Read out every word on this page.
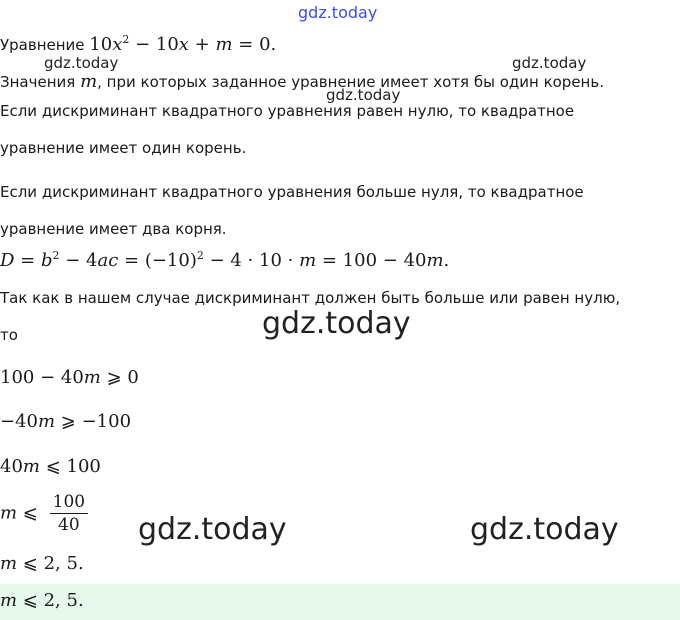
gdz.today
gdz.today	gdz.today
gdz.today
gdz.today
gdz.today	gdz.today
Уравнение $10x^2 - 10x + m = 0$.
Значения m, при которых заданное уравнение имеет хотя бы один корень.
Если дискриминант квадратного уравнения равен нулю, то квадратное
уравнение имеет один корень.
Если дискриминант квадратного уравнения больше нуля, то квадратное
уравнение имеет два корня.
$D = b^2 - 4ac = (-10)^2 - 4 \cdot 10 \cdot m = 100 - 40m$.
Так как в нашем случае дискриминант должен быть больше или равен нулю,
то
100 − 40m ⩾ 0
−40m ⩾ −100
40m ⩽ 100
m ⩽ $\frac{100}{40}$
m ⩽ 2, 5.
m ⩽ 2, 5.
